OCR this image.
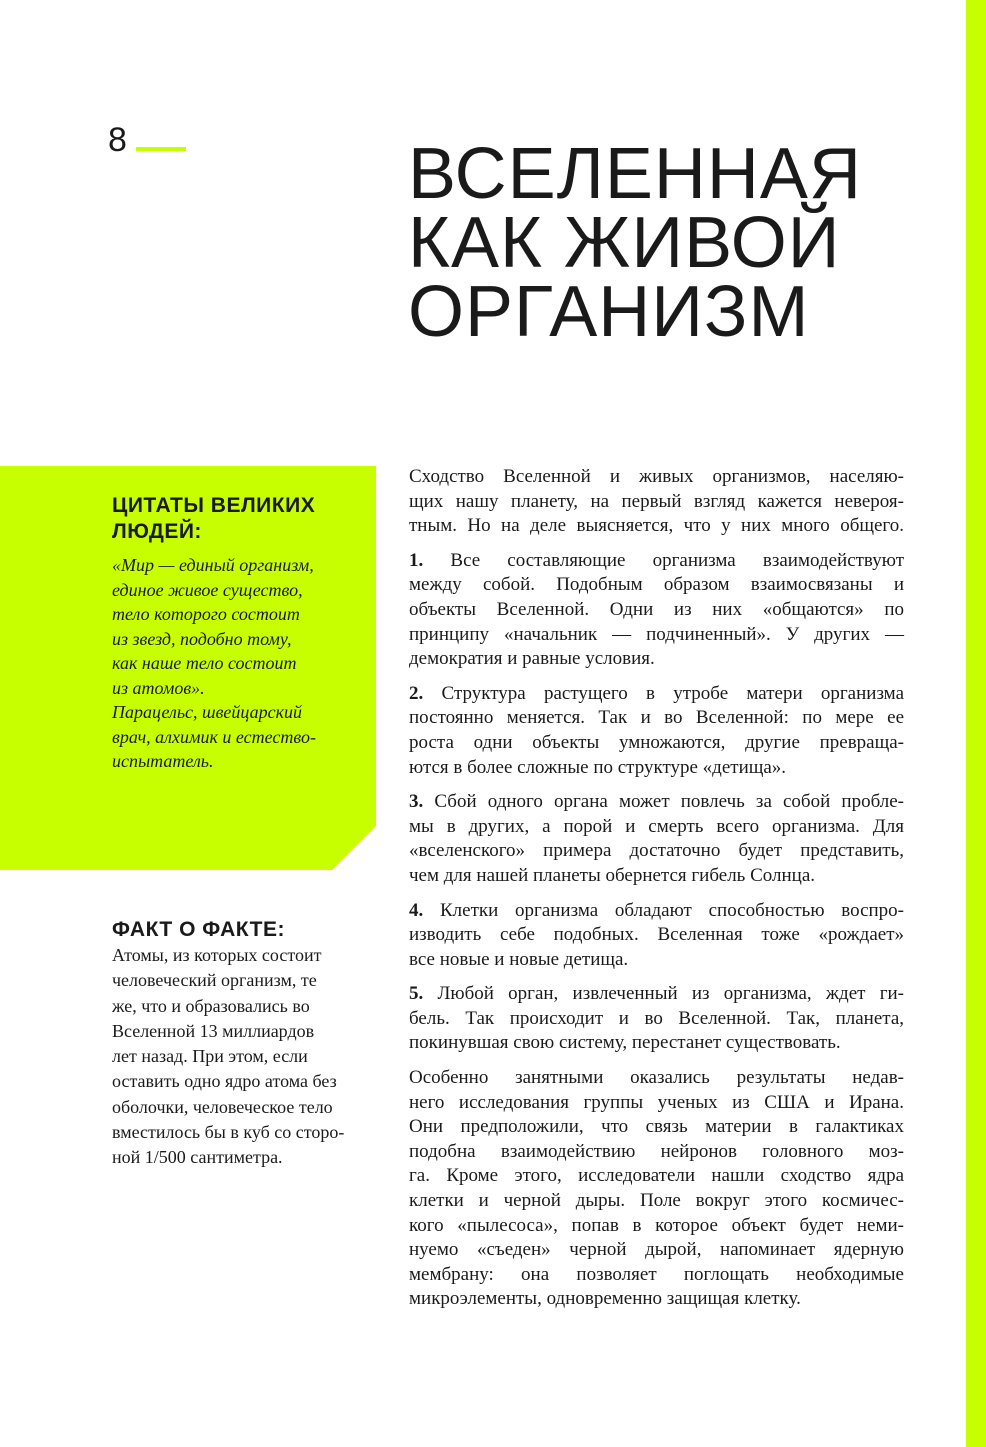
8	ВСЕЛЕННАЯ
КАК ЖИВОЙ
ОРГАНИЗМ
ЦИТАТЫ ВЕЛИКИХ ЛЮДЕЙ:
«Мир — единый организм,
единое живое существо,
тело которого состоит
из звезд, подобно тому,
как наше тело состоит
из атомов».
Парацельс, швейцарский
врач, алхимик и естество-
испытатель.
ФАКТ О ФАКТЕ:
Атомы, из которых состоит
человеческий организм, те
же, что и образовались во
Вселенной 13 миллиардов
лет назад. При этом, если
оставить одно ядро атома без
оболочки, человеческое тело
вместилось бы в куб со сторо-
ной 1/500 сантиметра.

Сходство Вселенной и живых организмов, населяю-
щих нашу планету, на первый взгляд кажется невероя-
тным. Но на деле выясняется, что у них много общего.

1. Все составляющие организма взаимодействуют
между собой. Подобным образом взаимосвязаны и
объекты Вселенной. Одни из них «общаются» по
принципу «начальник — подчиненный». У других —
демократия и равные условия.

2. Структура растущего в утробе матери организма
постоянно меняется. Так и во Вселенной: по мере ее
роста одни объекты умножаются, другие превраща-
ются в более сложные по структуре «детища».

3. Сбой одного органа может повлечь за собой пробле-
мы в других, а порой и смерть всего организма. Для
«вселенского» примера достаточно будет представить,
чем для нашей планеты обернется гибель Солнца.

4. Клетки организма обладают способностью воспро-
изводить себе подобных. Вселенная тоже «рождает»
все новые и новые детища.

5. Любой орган, извлеченный из организма, ждет ги-
бель. Так происходит и во Вселенной. Так, планета,
покинувшая свою систему, перестанет существовать.

Особенно занятными оказались результаты недав-
него исследования группы ученых из США и Ирана.
Они предположили, что связь материи в галактиках
подобна взаимодействию нейронов головного моз-
га. Кроме этого, исследователи нашли сходство ядра
клетки и черной дыры. Поле вокруг этого космичес-
кого «пылесоса», попав в которое объект будет неми-
нуемо «съеден» черной дырой, напоминает ядерную
мембрану: она позволяет поглощать необходимые
микроэлементы, одновременно защищая клетку.
